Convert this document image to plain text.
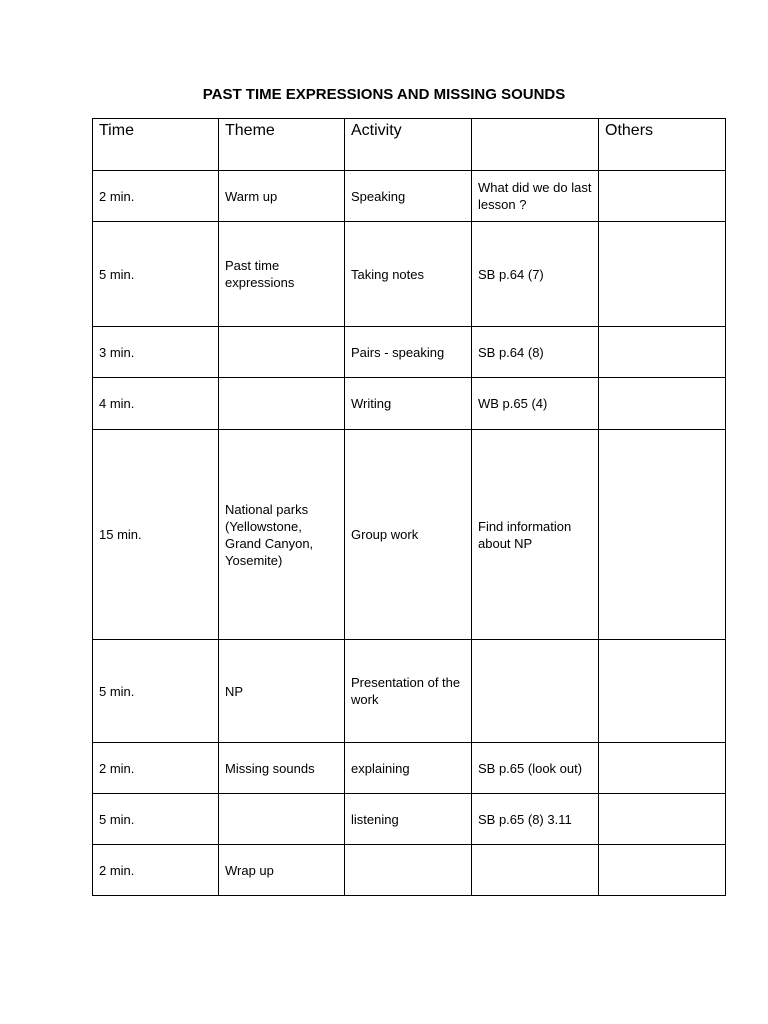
PAST TIME EXPRESSIONS AND MISSING SOUNDS
Time	Theme	Activity		Others
2 min.	Warm up	Speaking	What did we do last lesson ?	
5 min.	Past time expressions	Taking notes	SB p.64 (7)	
3 min.		Pairs - speaking	SB p.64 (8)	
4 min.		Writing	WB p.65 (4)	
15 min.	National parks (Yellowstone, Grand Canyon, Yosemite)	Group work	Find information about NP	
5 min.	NP	Presentation of the work		
2 min.	Missing sounds	explaining	SB p.65 (look out)	
5 min.		listening	SB p.65 (8) 3.11	
2 min.	Wrap up			
